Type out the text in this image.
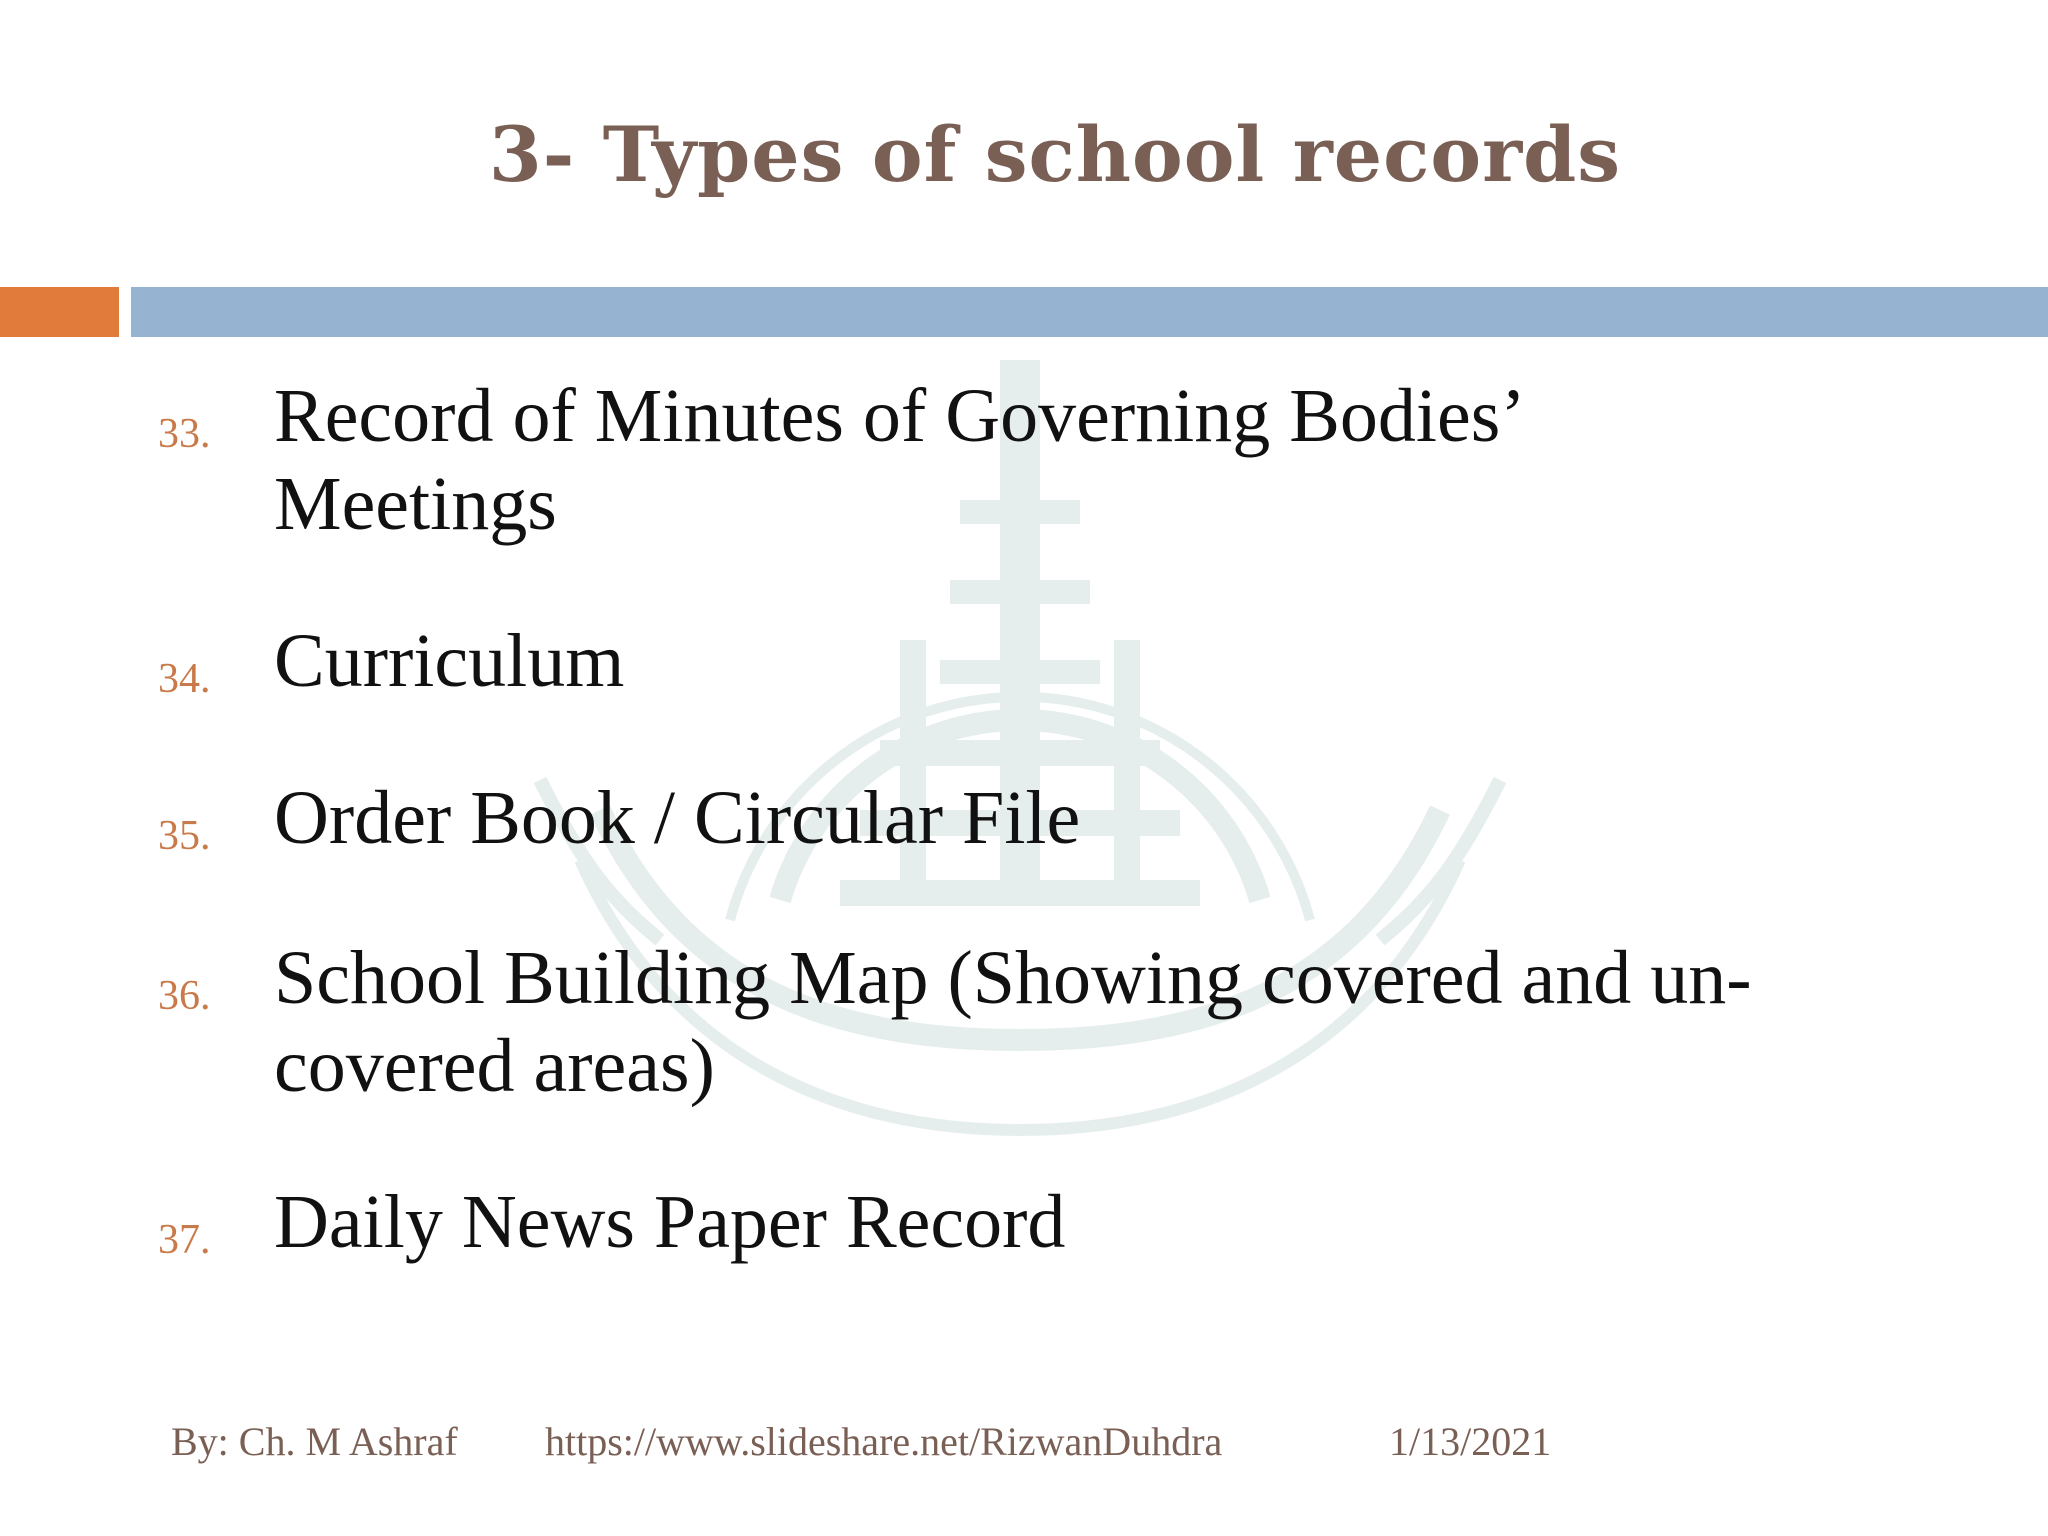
3- Types of school records
33. Record of Minutes of Governing Bodies’
Meetings
34. Curriculum
35. Order Book / Circular File
36. School Building Map (Showing covered and un-
covered areas)
37. Daily News Paper Record
By: Ch. M Ashraf https://www.slideshare.net/RizwanDuhdra	1/13/2021
